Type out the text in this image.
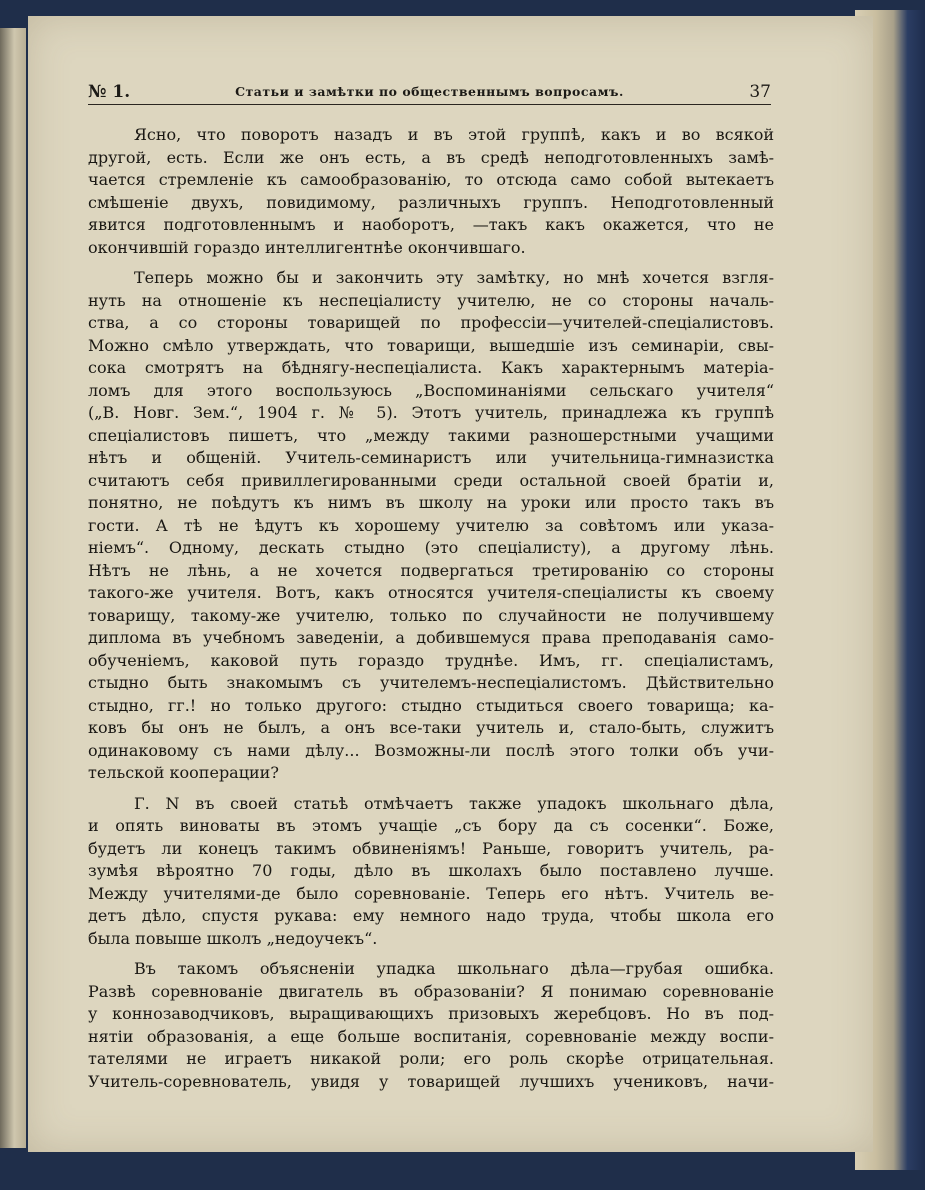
№ 1.	Статьи и замѣтки по общественнымъ вопросамъ.	37
Ясно, что поворотъ назадъ и въ этой группѣ, какъ и во всякой
другой, есть. Если же онъ есть, а въ средѣ неподготовленныхъ замѣ-
чается стремленіе къ самообразованію, то отсюда само собой вытекаетъ
смѣшеніе двухъ, повидимому, различныхъ группъ. Неподготовленный
явится подготовленнымъ и наоборотъ, —такъ какъ окажется, что не
окончившій гораздо интеллигентнѣе окончившаго.
Теперь можно бы и закончить эту замѣтку, но мнѣ хочется взгля-
нуть на отношеніе къ неспеціалисту учителю, не со стороны началь-
ства, а со стороны товарищей по профессіи—учителей-спеціалистовъ.
Можно смѣло утверждать, что товарищи, вышедшіе изъ семинаріи, свы-
сока смотрятъ на бѣднягу-неспеціалиста. Какъ характернымъ матеріа-
ломъ для этого воспользуюсь „Воспоминаніями сельскаго учителя“
(„В. Новг. Зем.“, 1904 г. № 5). Этотъ учитель, принадлежа къ группѣ
спеціалистовъ пишетъ, что „между такими разношерстными учащими
нѣтъ и общеній. Учитель-семинаристъ или учительница-гимназистка
считаютъ себя привиллегированными среди остальной своей братіи и,
понятно, не поѣдутъ къ нимъ въ школу на уроки или просто такъ въ
гости. А тѣ не ѣдутъ къ хорошему учителю за совѣтомъ или указа-
ніемъ“. Одному, дескать стыдно (это спеціалисту), а другому лѣнь.
Нѣтъ не лѣнь, а не хочется подвергаться третированію со стороны
такого-же учителя. Вотъ, какъ относятся учителя-спеціалисты къ своему
товарищу, такому-же учителю, только по случайности не получившему
диплома въ учебномъ заведеніи, а добившемуся права преподаванія само-
обученіемъ, каковой путь гораздо труднѣе. Имъ, гг. спеціалистамъ,
стыдно быть знакомымъ съ учителемъ-неспеціалистомъ. Дѣйствительно
стыдно, гг.! но только другого: стыдно стыдиться своего товарища; ка-
ковъ бы онъ не былъ, а онъ все-таки учитель и, стало-быть, служитъ
одинаковому съ нами дѣлу... Возможны-ли послѣ этого толки объ учи-
тельской кооперации?
Г. N въ своей статьѣ отмѣчаетъ также упадокъ школьнаго дѣла,
и опять виноваты въ этомъ учащіе „съ бору да съ сосенки“. Боже,
будетъ ли конецъ такимъ обвиненіямъ! Раньше, говоритъ учитель, ра-
зумѣя вѣроятно 70 годы, дѣло въ школахъ было поставлено лучше.
Между учителями-де было соревнованіе. Теперь его нѣтъ. Учитель ве-
детъ дѣло, спустя рукава: ему немного надо труда, чтобы школа его
была повыше школъ „недоучекъ“.
Въ такомъ объясненіи упадка школьнаго дѣла—грубая ошибка.
Развѣ соревнованіе двигатель въ образованіи? Я понимаю соревнованіе
у коннозаводчиковъ, выращивающихъ призовыхъ жеребцовъ. Но въ под-
нятіи образованія, а еще больше воспитанія, соревнованіе между воспи-
тателями не играетъ никакой роли; его роль скорѣе отрицательная.
Учитель-соревнователь, увидя у товарищей лучшихъ учениковъ, начи-
